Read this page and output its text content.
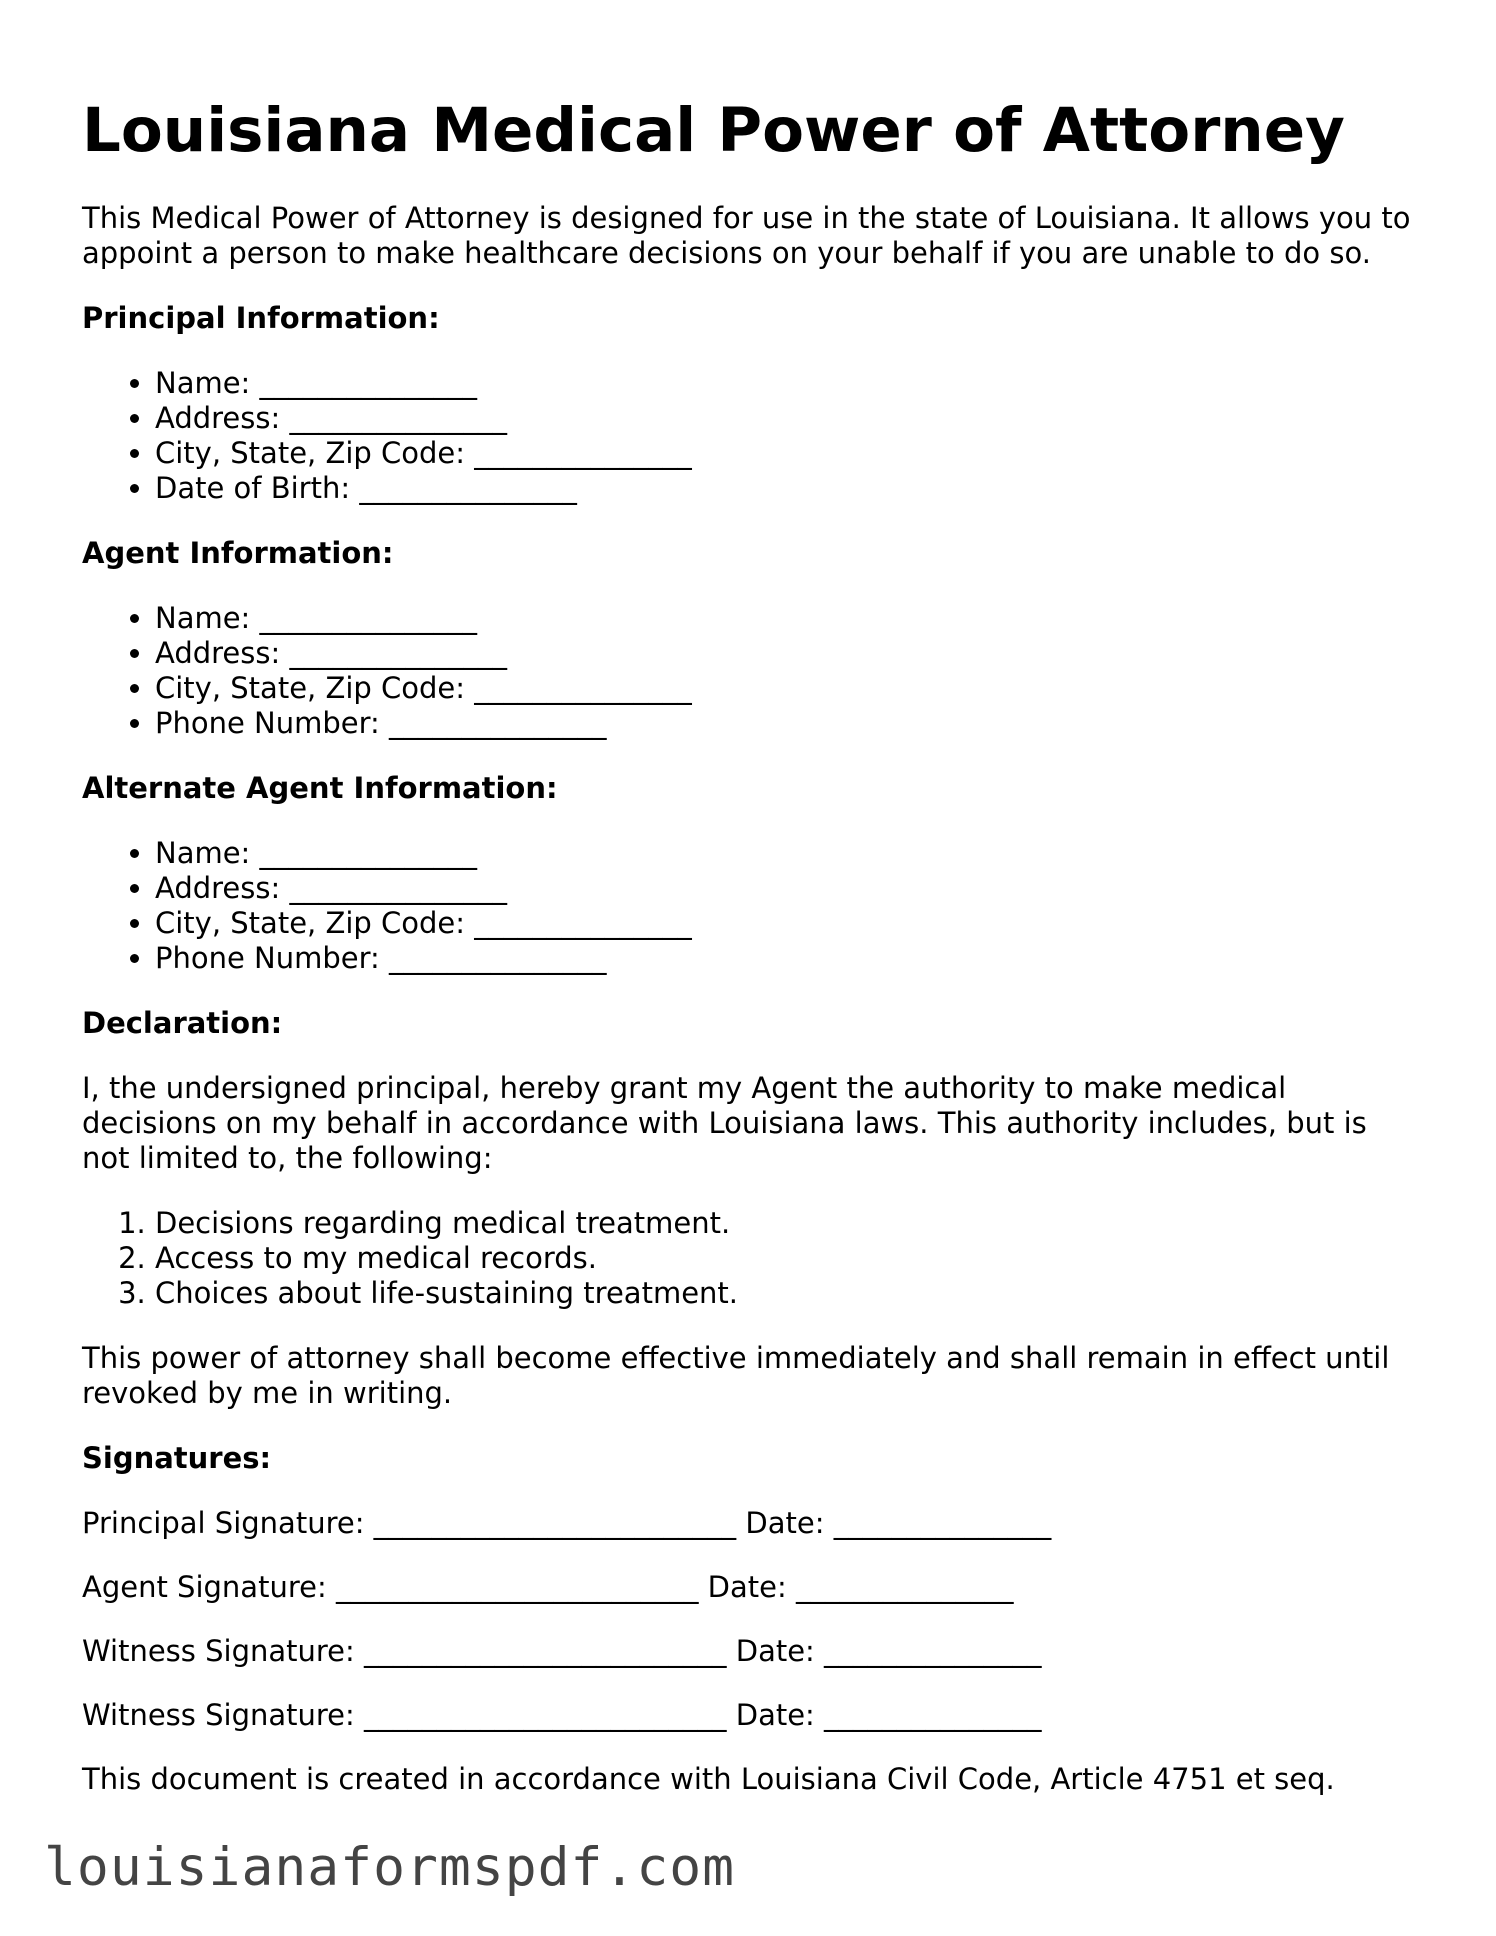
Louisiana Medical Power of Attorney

This Medical Power of Attorney is designed for use in the state of Louisiana. It allows you to appoint a person to make healthcare decisions on your behalf if you are unable to do so.

Principal Information:
• Name: _______________
• Address: _______________
• City, State, Zip Code: _______________
• Date of Birth: _______________
Agent Information:
• Name: _______________
• Address: _______________
• City, State, Zip Code: _______________
• Phone Number: _______________
Alternate Agent Information:
• Name: _______________
• Address: _______________
• City, State, Zip Code: _______________
• Phone Number: _______________
Declaration:

I, the undersigned principal, hereby grant my Agent the authority to make medical decisions on my behalf in accordance with Louisiana laws. This authority includes, but is not limited to, the following:

1. Decisions regarding medical treatment.
2. Access to my medical records.
3. Choices about life-sustaining treatment.

This power of attorney shall become effective immediately and shall remain in effect until revoked by me in writing.

Signatures:
Principal Signature: _________________________ Date: _______________
Agent Signature: _________________________ Date: _______________
Witness Signature: _________________________ Date: _______________
Witness Signature: _________________________ Date: _______________
This document is created in accordance with Louisiana Civil Code, Article 4751 et seq.
louisianaformspdf.com
